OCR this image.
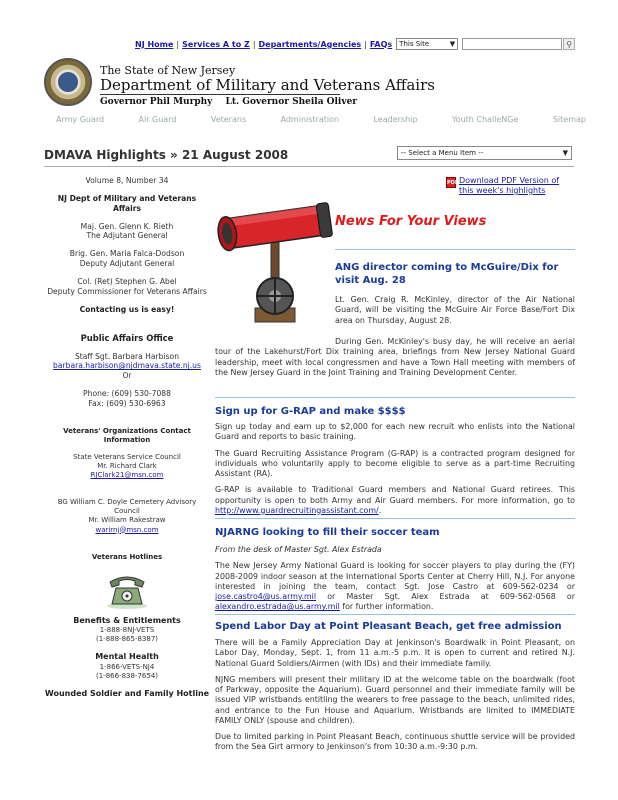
NJ Home | Services A to Z | Departments/Agencies | FAQs This Site	▼	⚲
The State of New Jersey
Department of Military and Veterans Affairs
Governor Phil Murphy Lt. Governor Sheila Oliver
Army Guard	Air Guard	Veterans	Administration	Leadership	Youth ChalleNGe	Sitemap
DMAVA Highlights » 21 August 2008	-- Select a Menu Item --	▼

Volume 8, Number 34

NJ Dept of Military and Veterans Affairs

Maj. Gen. Glenn K. Rieth
The Adjutant General

Brig. Gen. Maria Falca-Dodson
Deputy Adjutant General

Col. (Ret) Stephen G. Abel
Deputy Commissioner for Veterans Affairs

Contacting us is easy!

Public Affairs Office

Staff Sgt. Barbara Harbison
barbara.harbison@njdmava.state.nj.us
Or

Phone: (609) 530-7088
Fax: (609) 530-6963

Veterans' Organizations Contact Information

State Veterans Service Council
Mr. Richard Clark
RJClark21@msn.com

BG William C. Doyle Cemetery Advisory Council
Mr. William Rakestraw
warirnj@msn.com

Veterans Hotlines

Benefits & Entitlements
1-888-8NJ-VETS
(1-888-865-8387)

Mental Health
1-866-VETS-NJ4
(1-866-838-7654)

Wounded Soldier and Family Hotline

PDF Download PDF Version of
this week's highlights
News For Your Views
ANG director coming to McGuire/Dix for visit Aug. 28
Lt. Gen. Craig R. McKinley, director of the Air National Guard, will be visiting the McGuire Air Force Base/Fort Dix area on Thursday, August 28.
During Gen. McKinley's busy day, he will receive an aerial tour of the Lakehurst/Fort Dix training area, briefings from New Jersey National Guard leadership, meet with local congressmen and have a Town Hall meeting with members of the New Jersey Guard in the Joint Training and Training Development Center.
Sign up for G-RAP and make $$$$

Sign up today and earn up to $2,000 for each new recruit who enlists into the National Guard and reports to basic training.

The Guard Recruiting Assistance Program (G-RAP) is a contracted program designed for individuals who voluntarily apply to become eligible to serve as a part-time Recruiting Assistant (RA).

G-RAP is available to Traditional Guard members and National Guard retirees. This opportunity is open to both Army and Air Guard members. For more information, go to http://www.guardrecruitingassistant.com/.

NJARNG looking to fill their soccer team

From the desk of Master Sgt. Alex Estrada

The New Jersey Army National Guard is looking for soccer players to play during the (FY) 2008-2009 indoor season at the International Sports Center at Cherry Hill, N.J. For anyone interested in joining the team, contact Sgt. Jose Castro at 609-562-0234 or jose.castro4@us.army.mil or Master Sgt. Alex Estrada at 609-562-0568 or alexandro.estrada@us.army.mil for further information.

Spend Labor Day at Point Pleasant Beach, get free admission

There will be a Family Appreciation Day at Jenkinson's Boardwalk in Point Pleasant, on Labor Day, Monday, Sept. 1, from 11 a.m.-5 p.m. It is open to current and retired N.J. National Guard Soldiers/Airmen (with IDs) and their immediate family.

NJNG members will present their military ID at the welcome table on the boardwalk (foot of Parkway, opposite the Aquarium). Guard personnel and their immediate family will be issued VIP wristbands entitling the wearers to free passage to the beach, unlimited rides, and entrance to the Fun House and Aquarium. Wristbands are limited to IMMEDIATE FAMILY ONLY (spouse and children).

Due to limited parking in Point Pleasant Beach, continuous shuttle service will be provided from the Sea Girt armory to Jenkinson's from 10:30 a.m.-9:30 p.m.
